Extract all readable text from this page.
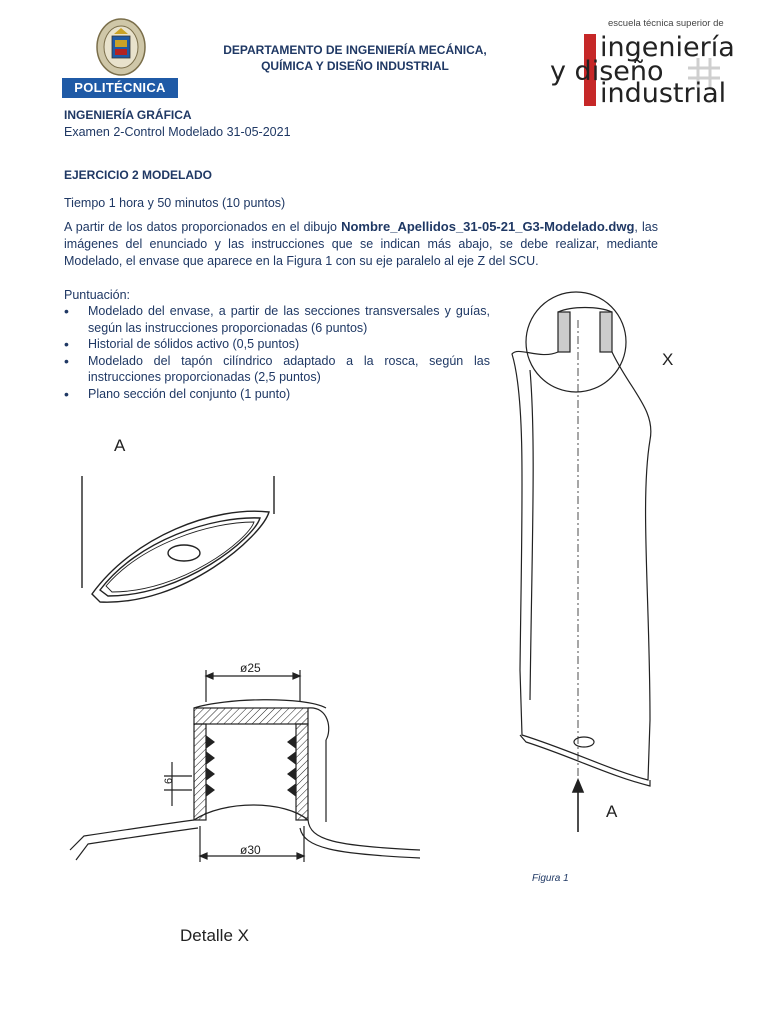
POLITÉCNICA
DEPARTAMENTO DE INGENIERÍA MECÁNICA,
QUÍMICA Y DISEÑO INDUSTRIAL
escuela técnica superior de
ingeniería
y diseño
industrial
INGENIERÍA GRÁFICA
Examen 2-Control Modelado 31-05-2021
EJERCICIO 2 MODELADO
Tiempo 1 hora y 50 minutos (10 puntos)
A partir de los datos proporcionados en el dibujo Nombre_Apellidos_31-05-21_G3-Modelado.dwg, las imágenes del enunciado y las instrucciones que se indican más abajo, se debe realizar, mediante Modelado, el envase que aparece en la Figura 1 con su eje paralelo al eje Z del SCU.
Puntuación:
• Modelado del envase, a partir de las secciones transversales y guías, según las instrucciones proporcionadas (6 puntos)
• Historial de sólidos activo (0,5 puntos)
• Modelado del tapón cilíndrico adaptado a la rosca, según las instrucciones proporcionadas (2,5 puntos)
• Plano sección del conjunto (1 punto)
A
ø25
ø30
6
Detalle X
X
A
Figura 1
